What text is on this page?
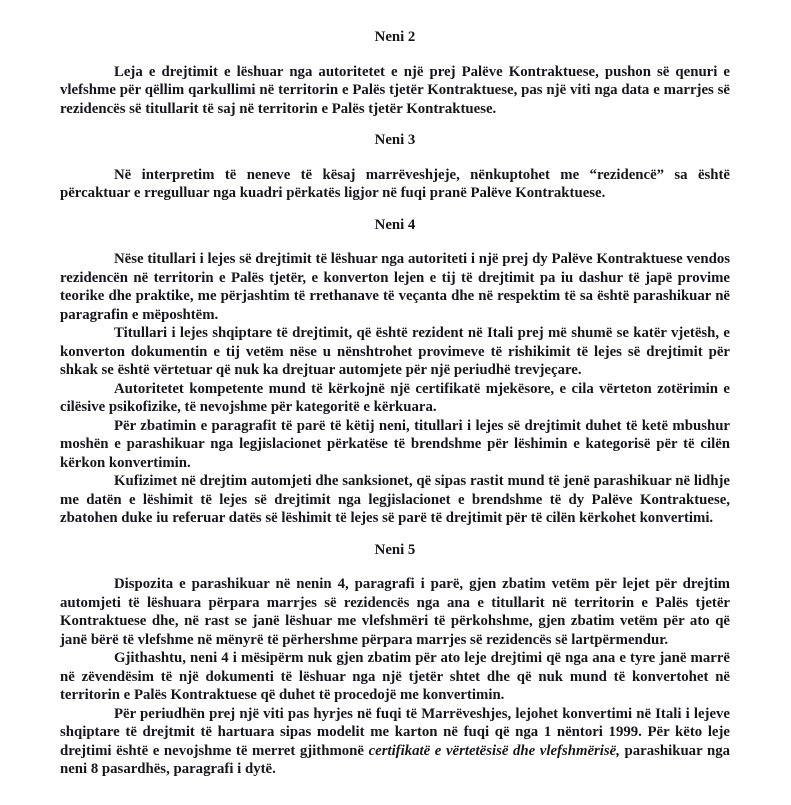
Neni 2

Leja e drejtimit e lëshuar nga autoritetet e një prej Palëve Kontraktuese, pushon së qenuri e vlefshme për qëllim qarkullimi në territorin e Palës tjetër Kontraktuese, pas një viti nga data e marrjes së rezidencës së titullarit të saj në territorin e Palës tjetër Kontraktuese.

Neni 3

Në interpretim të neneve të kësaj marrëveshjeje, nënkuptohet me “rezidencë” sa është përcaktuar e rregulluar nga kuadri përkatës ligjor në fuqi pranë Palëve Kontraktuese.

Neni 4

Nëse titullari i lejes së drejtimit të lëshuar nga autoriteti i një prej dy Palëve Kontraktuese vendos rezidencën në territorin e Palës tjetër, e konverton lejen e tij të drejtimit pa iu dashur të japë provime teorike dhe praktike, me përjashtim të rrethanave të veçanta dhe në respektim të sa është parashikuar në paragrafin e mëposhtëm.

Titullari i lejes shqiptare të drejtimit, që është rezident në Itali prej më shumë se katër vjetësh, e konverton dokumentin e tij vetëm nëse u nënshtrohet provimeve të rishikimit të lejes së drejtimit për shkak se është vërtetuar që nuk ka drejtuar automjete për një periudhë trevjeçare.

Autoritetet kompetente mund të kërkojnë një certifikatë mjekësore, e cila vërteton zotërimin e cilësive psikofizike, të nevojshme për kategoritë e kërkuara.

Për zbatimin e paragrafit të parë të këtij neni, titullari i lejes së drejtimit duhet të ketë mbushur moshën e parashikuar nga legjislacionet përkatëse të brendshme për lëshimin e kategorisë për të cilën kërkon konvertimin.

Kufizimet në drejtim automjeti dhe sanksionet, që sipas rastit mund të jenë parashikuar në lidhje me datën e lëshimit të lejes së drejtimit nga legjislacionet e brendshme të dy Palëve Kontraktuese, zbatohen duke iu referuar datës së lëshimit të lejes së parë të drejtimit për të cilën kërkohet konvertimi.

Neni 5

Dispozita e parashikuar në nenin 4, paragrafi i parë, gjen zbatim vetëm për lejet për drejtim automjeti të lëshuara përpara marrjes së rezidencës nga ana e titullarit në territorin e Palës tjetër Kontraktuese dhe, në rast se janë lëshuar me vlefshmëri të përkohshme, gjen zbatim vetëm për ato që janë bërë të vlefshme në mënyrë të përhershme përpara marrjes së rezidencës së lartpërmendur.

Gjithashtu, neni 4 i mësipërm nuk gjen zbatim për ato leje drejtimi që nga ana e tyre janë marrë në zëvendësim të një dokumenti të lëshuar nga një tjetër shtet dhe që nuk mund të konvertohet në territorin e Palës Kontraktuese që duhet të procedojë me konvertimin.

Për periudhën prej një viti pas hyrjes në fuqi të Marrëveshjes, lejohet konvertimi në Itali i lejeve shqiptare të drejtmit të hartuara sipas modelit me karton në fuqi që nga 1 nëntori 1999. Për këto leje drejtimi është e nevojshme të merret gjithmonë certifikatë e vërtetësisë dhe vlefshmërisë, parashikuar nga neni 8 pasardhës, paragrafi i dytë.
